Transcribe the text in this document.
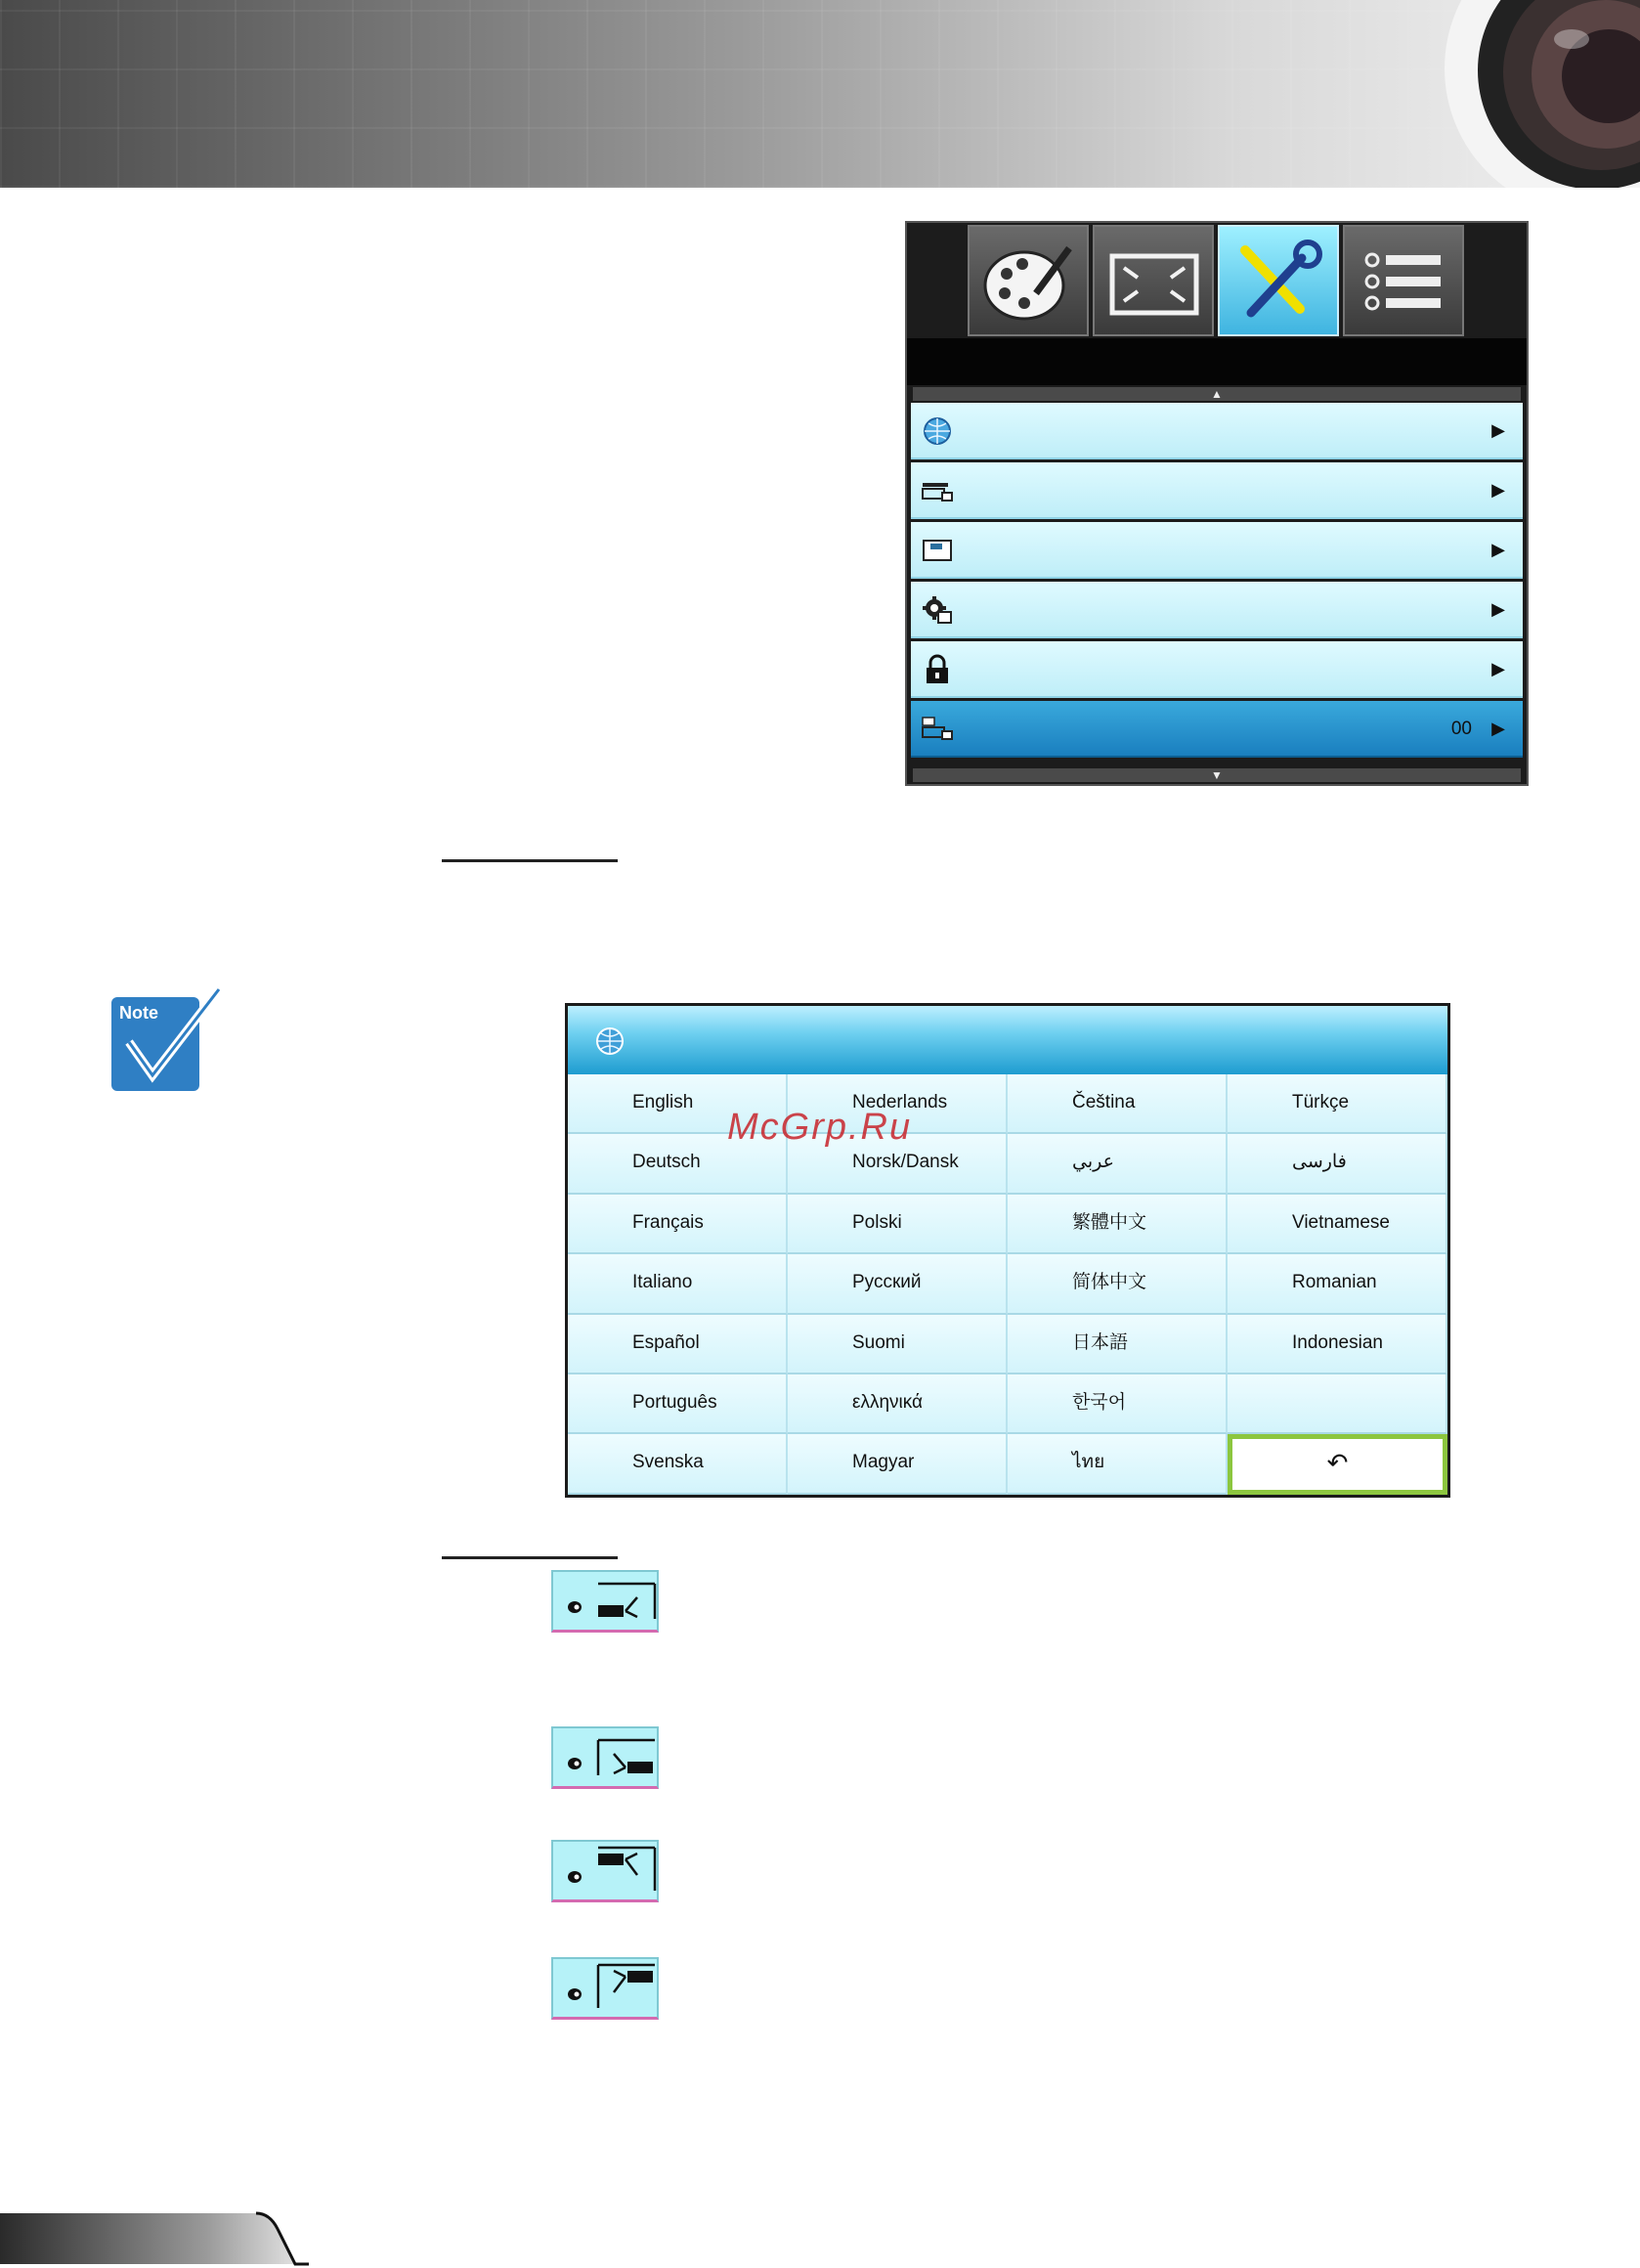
▲
▶
▶
▶
▶
▶
00 ▶
▼
Note
English	Nederlands	Čeština	Türkçe
Deutsch	Norsk/Dansk	عربي	فارسی
Français	Polski	繁體中文	Vietnamese
Italiano	Русский	简体中文	Romanian
Español	Suomi	日本語	Indonesian
Português	ελληνικά	한국어
Svenska	Magyar	ไทย	↶
McGrp.Ru
